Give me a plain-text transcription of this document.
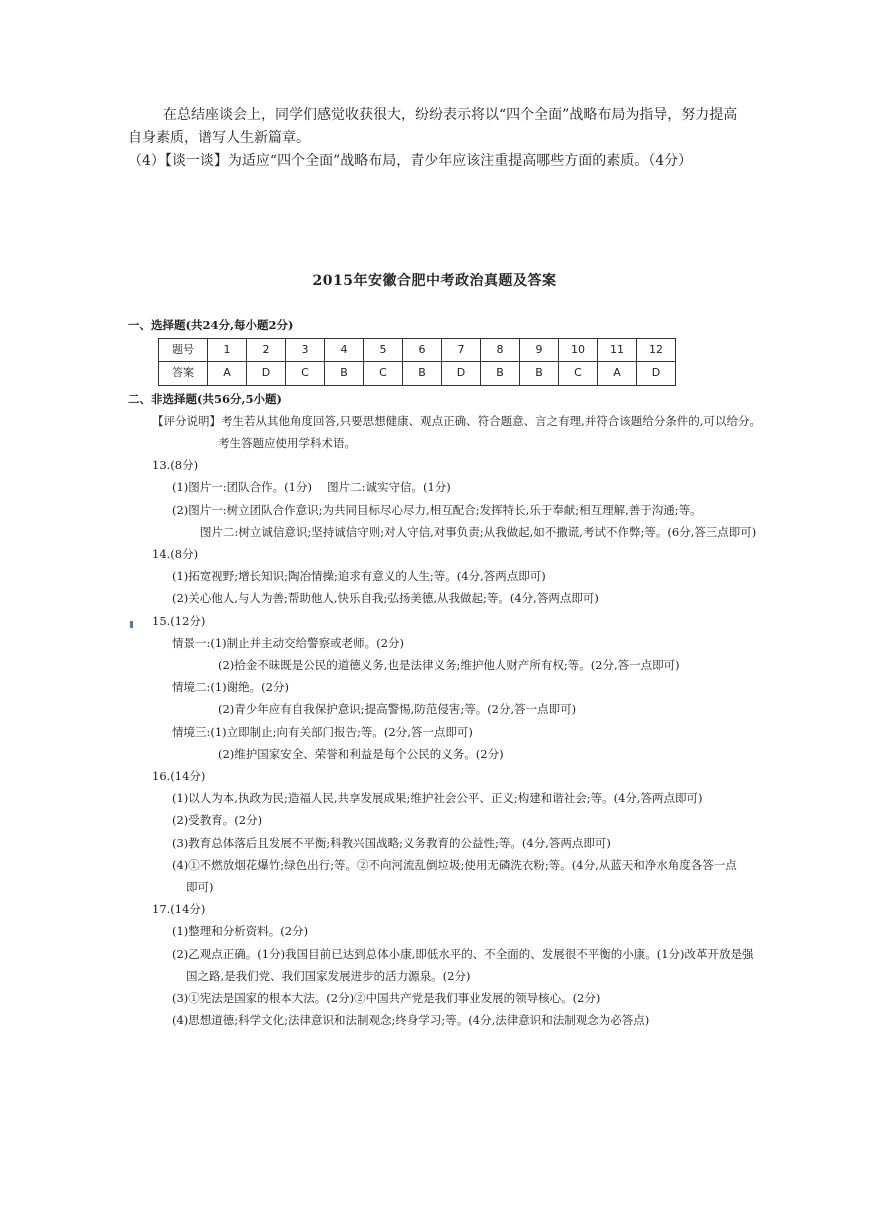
在总结座谈会上，同学们感觉收获很大，纷纷表示将以“四个全面”战略布局为指导，努力提高自身素质，谱写人生新篇章。

（4）【谈一谈】为适应“四个全面”战略布局，青少年应该注重提高哪些方面的素质。（4分）

2015年安徽合肥中考政治真题及答案
一、选择题(共24分,每小题2分)
题号	1	2	3	4	5	6	7	8	9	10	11	12
答案	A	D	C	B	C	B	D	B	B	C	A	D
二、非选择题(共56分,5小题)
【评分说明】考生若从其他角度回答,只要思想健康、观点正确、符合题意、言之有理,并符合该题给分条件的,可以给分。
考生答题应使用学科术语。
13.(8分)
(1)图片一:团队合作。(1分)　 图片二:诚实守信。(1分)
(2)图片一:树立团队合作意识;为共同目标尽心尽力,相互配合;发挥特长,乐于奉献;相互理解,善于沟通;等。
图片二:树立诚信意识;坚持诚信守则;对人守信,对事负责;从我做起,如不撒谎,考试不作弊;等。(6分,答三点即可)
14.(8分)
(1)拓宽视野;增长知识;陶冶情操;追求有意义的人生;等。(4分,答两点即可)
(2)关心他人,与人为善;帮助他人,快乐自我;弘扬美德,从我做起;等。(4分,答两点即可)
15.(12分)
情景一:(1)制止并主动交给警察或老师。(2分)
(2)拾金不昧既是公民的道德义务,也是法律义务;维护他人财产所有权;等。(2分,答一点即可)
情境二:(1)谢绝。(2分)
(2)青少年应有自我保护意识;提高警惕,防范侵害;等。(2分,答一点即可)
情境三:(1)立即制止;向有关部门报告;等。(2分,答一点即可)
(2)维护国家安全、荣誉和利益是每个公民的义务。(2分)
16.(14分)
(1)以人为本,执政为民;造福人民,共享发展成果;维护社会公平、正义;构建和谐社会;等。(4分,答两点即可)
(2)受教育。(2分)
(3)教育总体落后且发展不平衡;科教兴国战略;义务教育的公益性;等。(4分,答两点即可)
(4)①不燃放烟花爆竹;绿色出行;等。②不向河流乱倒垃圾;使用无磷洗衣粉;等。(4分,从蓝天和净水角度各答一点
即可)
17.(14分)
(1)整理和分析资料。(2分)
(2)乙观点正确。(1分)我国目前已达到总体小康,即低水平的、不全面的、发展很不平衡的小康。(1分)改革开放是强
国之路,是我们党、我们国家发展进步的活力源泉。(2分)
(3)①宪法是国家的根本大法。(2分)②中国共产党是我们事业发展的领导核心。(2分)
(4)思想道德;科学文化;法律意识和法制观念;终身学习;等。(4分,法律意识和法制观念为必答点)
